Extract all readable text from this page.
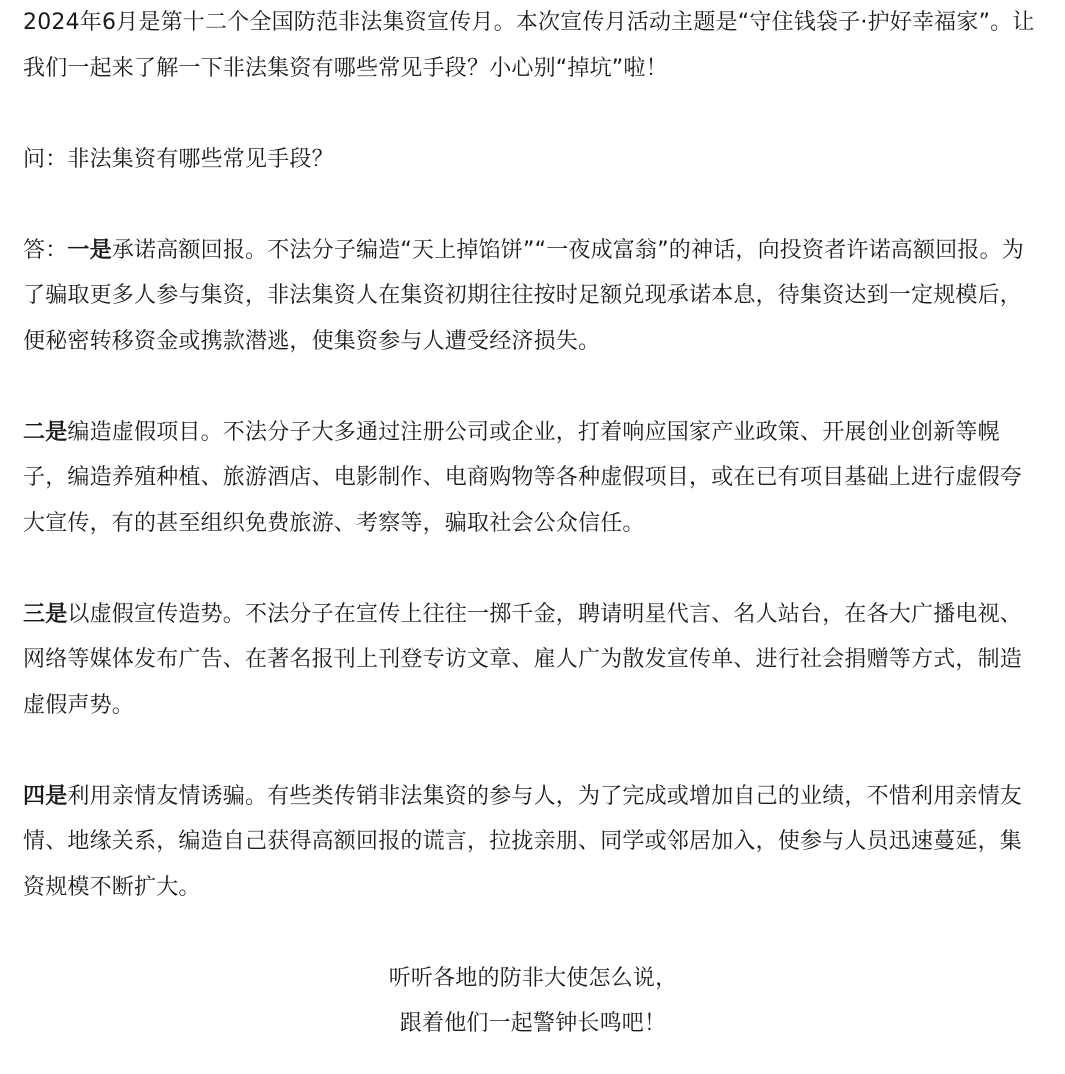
2024年6月是第十二个全国防范非法集资宣传月。本次宣传月活动主题是“守住钱袋子·护好幸福家”。让我们一起来了解一下非法集资有哪些常见手段？小心别“掉坑”啦！

问：非法集资有哪些常见手段？

答：一是承诺高额回报。不法分子编造“天上掉馅饼”“一夜成富翁”的神话，向投资者许诺高额回报。为了骗取更多人参与集资，非法集资人在集资初期往往按时足额兑现承诺本息，待集资达到一定规模后，便秘密转移资金或携款潜逃，使集资参与人遭受经济损失。

二是编造虚假项目。不法分子大多通过注册公司或企业，打着响应国家产业政策、开展创业创新等幌子，编造养殖种植、旅游酒店、电影制作、电商购物等各种虚假项目，或在已有项目基础上进行虚假夸大宣传，有的甚至组织免费旅游、考察等，骗取社会公众信任。

三是以虚假宣传造势。不法分子在宣传上往往一掷千金，聘请明星代言、名人站台，在各大广播电视、网络等媒体发布广告、在著名报刊上刊登专访文章、雇人广为散发宣传单、进行社会捐赠等方式，制造虚假声势。

四是利用亲情友情诱骗。有些类传销非法集资的参与人，为了完成或增加自己的业绩，不惜利用亲情友情、地缘关系，编造自己获得高额回报的谎言，拉拢亲朋、同学或邻居加入，使参与人员迅速蔓延，集资规模不断扩大。

听听各地的防非大使怎么说，

跟着他们一起警钟长鸣吧！
